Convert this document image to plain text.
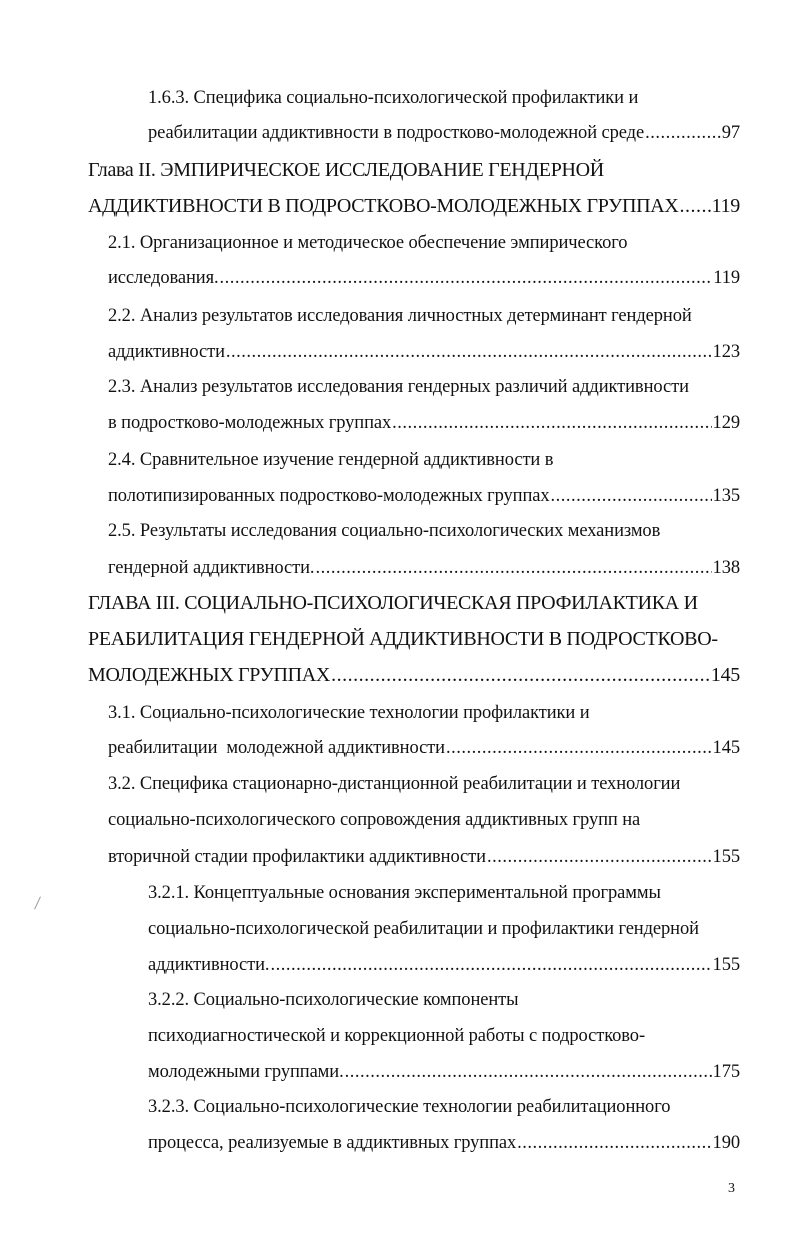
1.6.3. Специфика социально-психологической профилактики и
реабилитации аддиктивности в подростково-молодежной среде .....	97
Глава II. ЭМПИРИЧЕСКОЕ ИССЛЕДОВАНИЕ ГЕНДЕРНОЙ
АДДИКТИВНОСТИ В ПОДРОСТКОВО-МОЛОДЕЖНЫХ ГРУППАХ ..... 119
2.1. Организационное и методическое обеспечение эмпирического
исследования. .....	119
2.2. Анализ результатов исследования личностных детерминант гендерной
аддиктивности .....	123
2.3. Анализ результатов исследования гендерных различий аддиктивности
в подростково-молодежных группах .....	129
2.4. Сравнительное изучение гендерной аддиктивности в
полотипизированных подростково-молодежных группах .....	135
2.5. Результаты исследования социально-психологических механизмов
гендерной аддиктивности. .....	138
ГЛАВА III. СОЦИАЛЬНО-ПСИХОЛОГИЧЕСКАЯ ПРОФИЛАКТИКА И
РЕАБИЛИТАЦИЯ ГЕНДЕРНОЙ АДДИКТИВНОСТИ В ПОДРОСТКОВО-
МОЛОДЕЖНЫХ ГРУППАХ .....	145
3.1. Социально-психологические технологии профилактики и
реабилитации  молодежной аддиктивности .....	145
3.2. Специфика стационарно-дистанционной реабилитации и технологии
социально-психологического сопровождения аддиктивных групп на
вторичной стадии профилактики аддиктивности .....	155
3.2.1. Концептуальные основания экспериментальной программы
социально-психологической реабилитации и профилактики гендерной
аддиктивности. .....	155
3.2.2. Социально-психологические компоненты
психодиагностической и коррекционной работы с подростково-
молодежными группами. .....	175
3.2.3. Социально-психологические технологии реабилитационного
процесса, реализуемые в аддиктивных группах .....	190
3
